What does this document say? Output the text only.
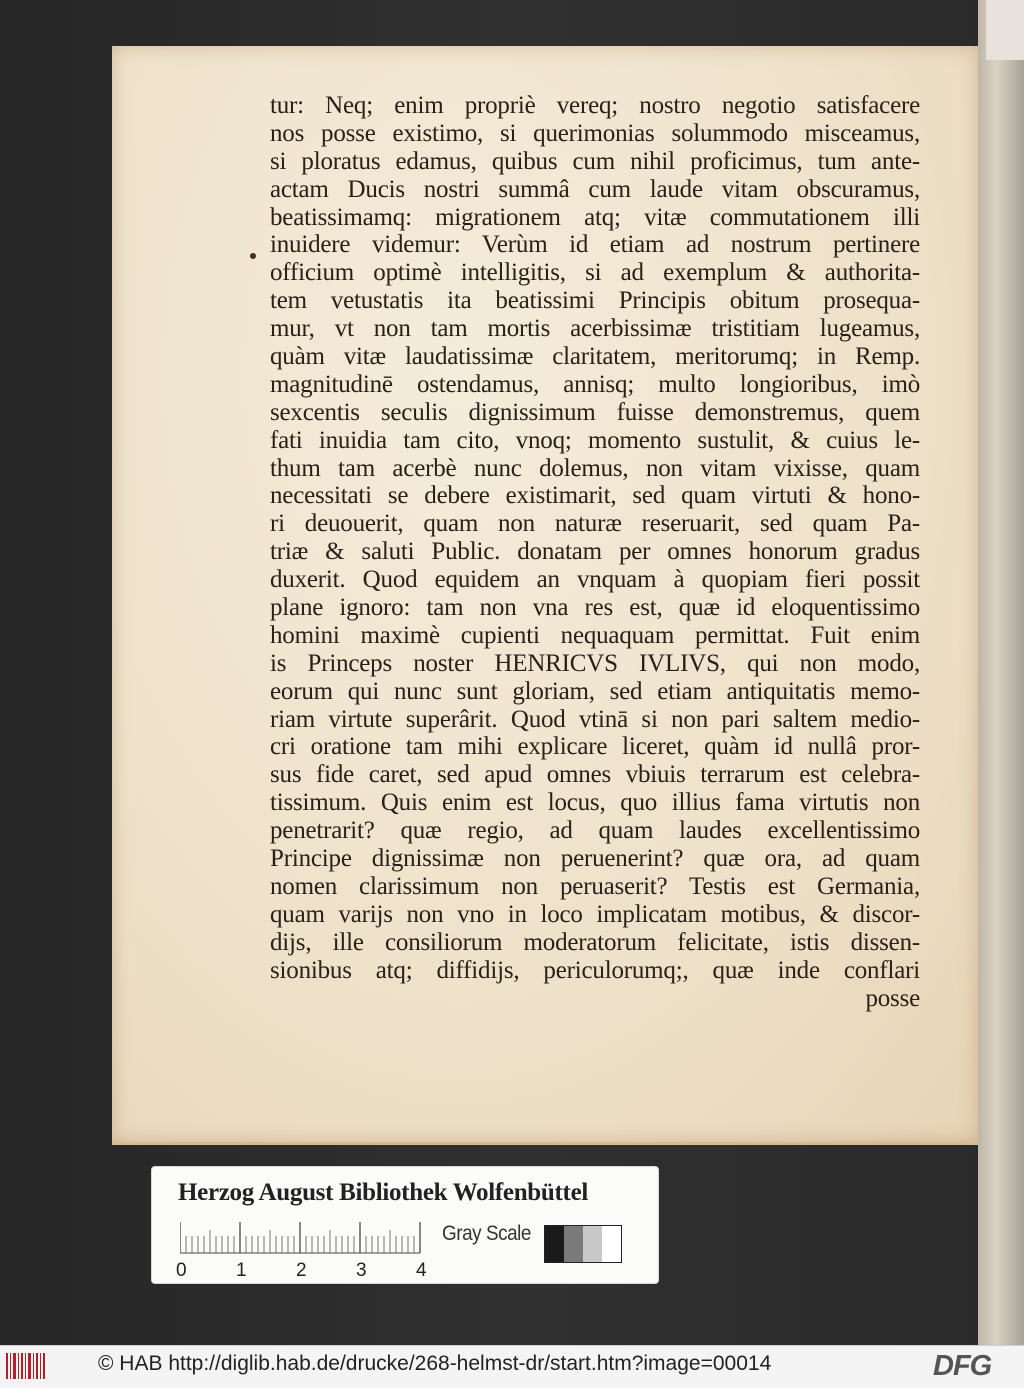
tur: Neq; enim propriè vereq; nostro negotio satisfacere
nos posse existimo, si querimonias solummodo misceamus,
si ploratus edamus, quibus cum nihil proficimus, tum ante-
actam Ducis nostri summâ cum laude vitam obscuramus,
beatissimamq: migrationem atq; vitæ commutationem illi
inuidere videmur: Verùm id etiam ad nostrum pertinere
officium optimè intelligitis, si ad exemplum & authorita-
tem vetustatis ita beatissimi Principis obitum prosequa-
mur, vt non tam mortis acerbissimæ tristitiam lugeamus,
quàm vitæ laudatissimæ claritatem, meritorumq; in Remp.
magnitudinē ostendamus, annisq; multo longioribus, imò
sexcentis seculis dignissimum fuisse demonstremus, quem
fati inuidia tam cito, vnoq; momento sustulit, & cuius le-
thum tam acerbè nunc dolemus, non vitam vixisse, quam
necessitati se debere existimarit, sed quam virtuti & hono-
ri deuouerit, quam non naturæ reseruarit, sed quam Pa-
triæ & saluti Public. donatam per omnes honorum gradus
duxerit. Quod equidem an vnquam à quopiam fieri possit
plane ignoro: tam non vna res est, quæ id eloquentissimo
homini maximè cupienti nequaquam permittat. Fuit enim
is Princeps noster HENRICVS IVLIVS, qui non modo,
eorum qui nunc sunt gloriam, sed etiam antiquitatis memo-
riam virtute superârit. Quod vtinā si non pari saltem medio-
cri oratione tam mihi explicare liceret, quàm id nullâ pror-
sus fide caret, sed apud omnes vbiuis terrarum est celebra-
tissimum. Quis enim est locus, quo illius fama virtutis non
penetrarit? quæ regio, ad quam laudes excellentissimo
Principe dignissimæ non peruenerint? quæ ora, ad quam
nomen clarissimum non peruaserit? Testis est Germania,
quam varijs non vno in loco implicatam motibus, & discor-
dijs, ille consiliorum moderatorum felicitate, istis dissen-
sionibus atq; diffidijs, periculorumq;, quæ inde conflari
posse
Herzog August Bibliothek Wolfenbüttel
0	1	2	3	4
Gray Scale
© HAB http://diglib.hab.de/drucke/268-helmst-dr/start.htm?image=00014	DFG
